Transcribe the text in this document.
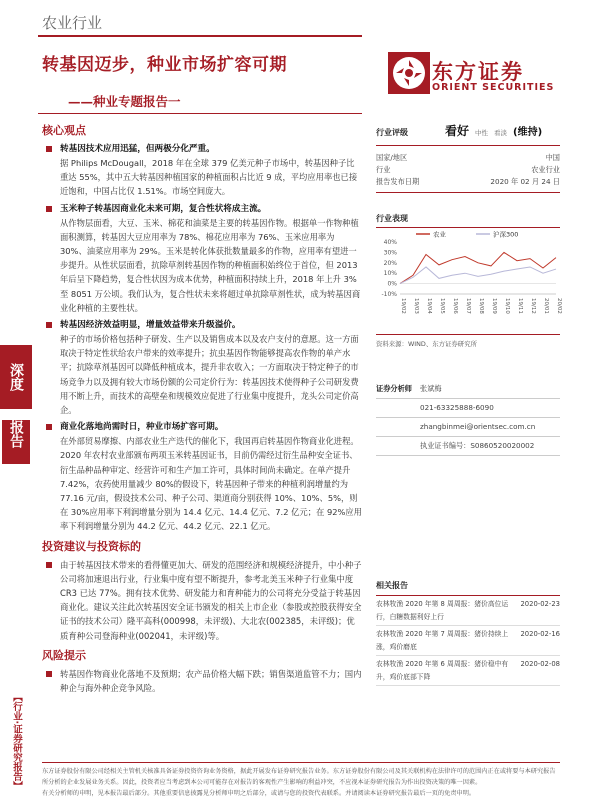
农业行业
转基因迈步，种业市场扩容可期
——种业专题报告一
东方证券
ORIENT SECURITIES
深度
报告
【行业·证券研究报告】
核心观点
转基因技术应用迅猛，但两极分化严重。
据 Philips McDougall，2018 年在全球 379 亿美元种子市场中，转基因种子比重达 55%，其中五大转基因种植国家的种植面积占比近 9 成，平均应用率也已接近饱和，中国占比仅 1.51%。市场空间庞大。
玉米种子转基因商业化未来可期，复合性状将成主流。
从作物层面看，大豆、玉米、棉花和油菜是主要的转基因作物。根据单一作物种植面积测算，转基因大豆应用率为 78%、棉花应用率为 76%、玉米应用率为 30%、油菜应用率为 29%。玉米是转化体获批数量最多的作物，应用率有望进一步提升。从性状层面看，抗除草剂转基因作物的种植面积始终位于首位，但 2013 年后呈下降趋势，复合性状因为成本优势，种植面积持续上升，2018 年上升 3%至 8051 万公顷。我们认为，复合性状未来将超过单抗除草剂性状，成为转基因商业化种植的主要性状。
转基因经济效益明显，增量效益带来升级溢价。
种子的市场价格包括种子研发、生产以及销售成本以及农户支付的意愿。这一方面取决于特定性状给农户带来的效率提升；抗虫基因作物能够提高农作物的单产水平；抗除草剂基因可以降低种植成本，提升非农收入；一方面取决于特定种子的市场竞争力以及拥有较大市场份额的公司定价行为：转基因技术使得种子公司研发费用不断上升，而技术的高壁垒和规模效应促进了行业集中度提升，龙头公司定价高企。
商业化落地尚需时日，种业市场扩容可期。
在外部贸易摩擦、内部农业生产迭代的催化下，我国再启转基因作物商业化进程。2020 年农村农业部颁布两项玉米转基因证书，目前仍需经过衍生品种安全证书、衍生品种品种审定、经营许可和生产加工许可，具体时间尚未确定。在单产提升 7.42%，农药使用量减少 80%的假设下，转基因种子带来的种植利润增量约为 77.16 元/亩，假设技术公司、种子公司、渠道商分别获得 10%、10%、5%，则在 30%应用率下利润增量分别为 14.4 亿元、14.4 亿元、7.2 亿元；在 92%应用率下利润增量分别为 44.2 亿元、44.2 亿元、22.1 亿元。
投资建议与投资标的
由于转基因技术带来的看得懂更加大、研发的范围经济和规模经济提升，中小种子公司将加速退出行业，行业集中度有望不断提升，参考北美玉米种子行业集中度 CR3 已达 77%。拥有技术优势、研发能力和育种能力的公司将充分受益于转基因商业化。建议关注此次转基因安全证书颁发的相关上市企业（参股或控股获得安全证书的技术公司）隆平高科(000998，未评级)、大北农(002385，未评级)；优质育种公司登海种业(002041，未评级)等。
风险提示
转基因作物商业化落地不及预期；农产品价格大幅下跌；销售渠道监管不力；国内种企与海外种企竞争风险。
行业评级	看好 中性 看淡 (维持)
国家/地区	中国
行业	农业行业
报告发布日期	2020 年 02 月 24 日
行业表现
40%
30%
20%
10%
0%
-10%
19/02 19/03 19/04 19/05 19/06 19/07 19/08 19/09 19/10 19/11 19/12 20/01 20/02
农业	沪深300
资料来源：WIND、东方证券研究所
证券分析师	张斌梅
021-63325888-6090
zhangbinmei@orientsec.com.cn
执业证书编号：S0860520020002
相关报告
农林牧渔 2020 年第 8 周周报：猪价高位运行，白糖数据利好上行
2020-02-23
农林牧渔 2020 年第 7 周周报：猪价持续上涨，鸡价磨底
2020-02-16
农林牧渔 2020 年第 6 周周报：猪价稳中有升，鸡价底部下降
2020-02-08
东方证券股份有限公司经相关主管机关核准具备证券投资咨询业务资格，据此开展发布证券研究报告业务。东方证券股份有限公司及其关联机构在法律许可的范围内正在或将要与本研究报告所分析的企业发展业务关系。因此，投资者应当考虑到本公司可能存在对报告的客观性产生影响的利益冲突，不应视本证券研究报告为作出投资决策的唯一因素。
有关分析师的申明，见本报告最后部分。其他重要信息披露见分析师申明之后部分，或请与您的投资代表联系。并请阅读本证券研究报告最后一页的免责申明。
